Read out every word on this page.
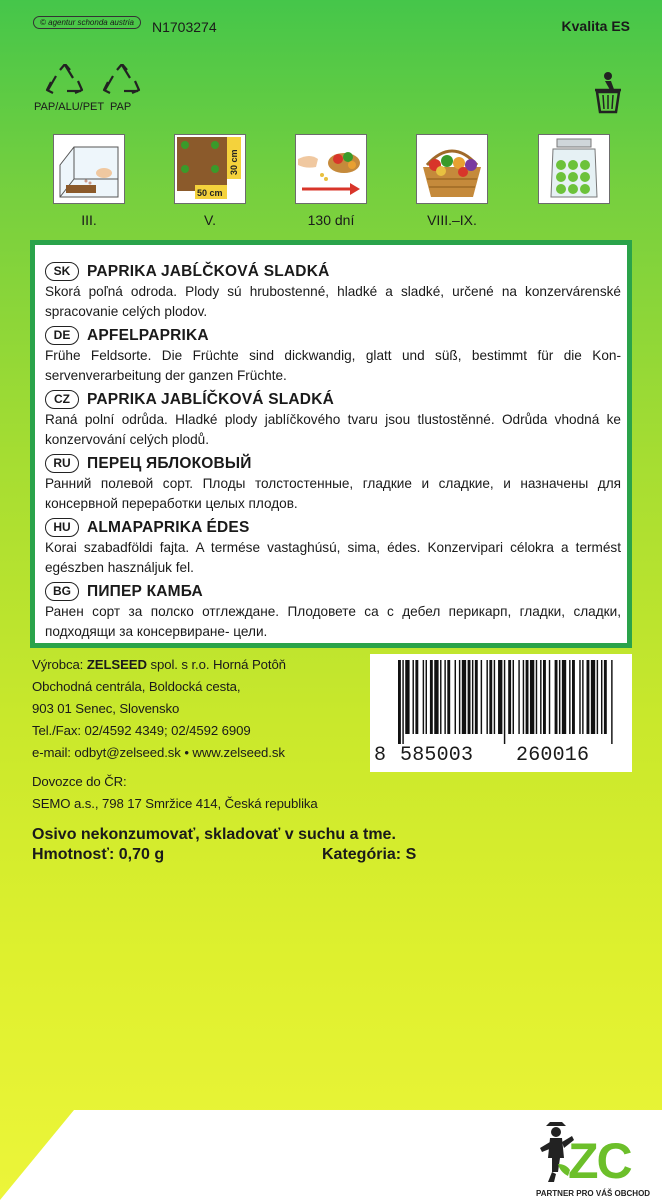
© agentur schonda austria	N1703274	Kvalita ES
PAP/ALU/PET PAP
III.
50 cm
30 cm
V.	130 dní	VIII.–IX.
SK	PAPRIKA JABĹČKOVÁ SLADKÁ
Skorá poľná odroda. Plody sú hrubostenné, hladké a sladké, určené na konzervárenské spracovanie celých plodov.
DE	APFELPAPRIKA
Frühe Feldsorte. Die Früchte sind dickwandig, glatt und süß, bestimmt für die Konservenverarbeitung der ganzen Früchte.
CZ	PAPRIKA JABLÍČKOVÁ SLADKÁ
Raná polní odrůda. Hladké plody jablíčkového tvaru jsou tlustostěnné. Odrůda vhodná ke konzervování celých plodů.
RU	ПЕРЕЦ ЯБЛОКОВЫЙ
Ранний полевой сорт. Плоды толстостенные, гладкие и сладкие, и назначены для консервной переработки целых плодов.
HU	ALMAPAPRIKA ÉDES
Korai szabadföldi fajta. A termése vastaghúsú, sima, édes. Konzervipari célokra a termést egészben használjuk fel.
BG	ПИПЕР КАМБА
Ранен сорт за полско отглеждане. Плодовете са с дебел перикарп, гладки, сладки, подходящи за консервиране- цели.
Výrobca: ZELSEED spol. s r.o. Horná Potôň
Obchodná centrála, Boldocká cesta,
903 01 Senec, Slovensko
Tel./Fax: 02/4592 4349; 02/4592 6909
e-mail: odbyt@zelseed.sk • www.zelseed.sk
Dovozce do ČR:
SEMO a.s., 798 17 Smržice 414, Česká republika
8 585003 260016
Osivo nekonzumovať, skladovať v suchu a tme.
Hmotnosť: 0,70 g	Kategória: S
ZC
PARTNER PRO VÁŠ OBCHOD
